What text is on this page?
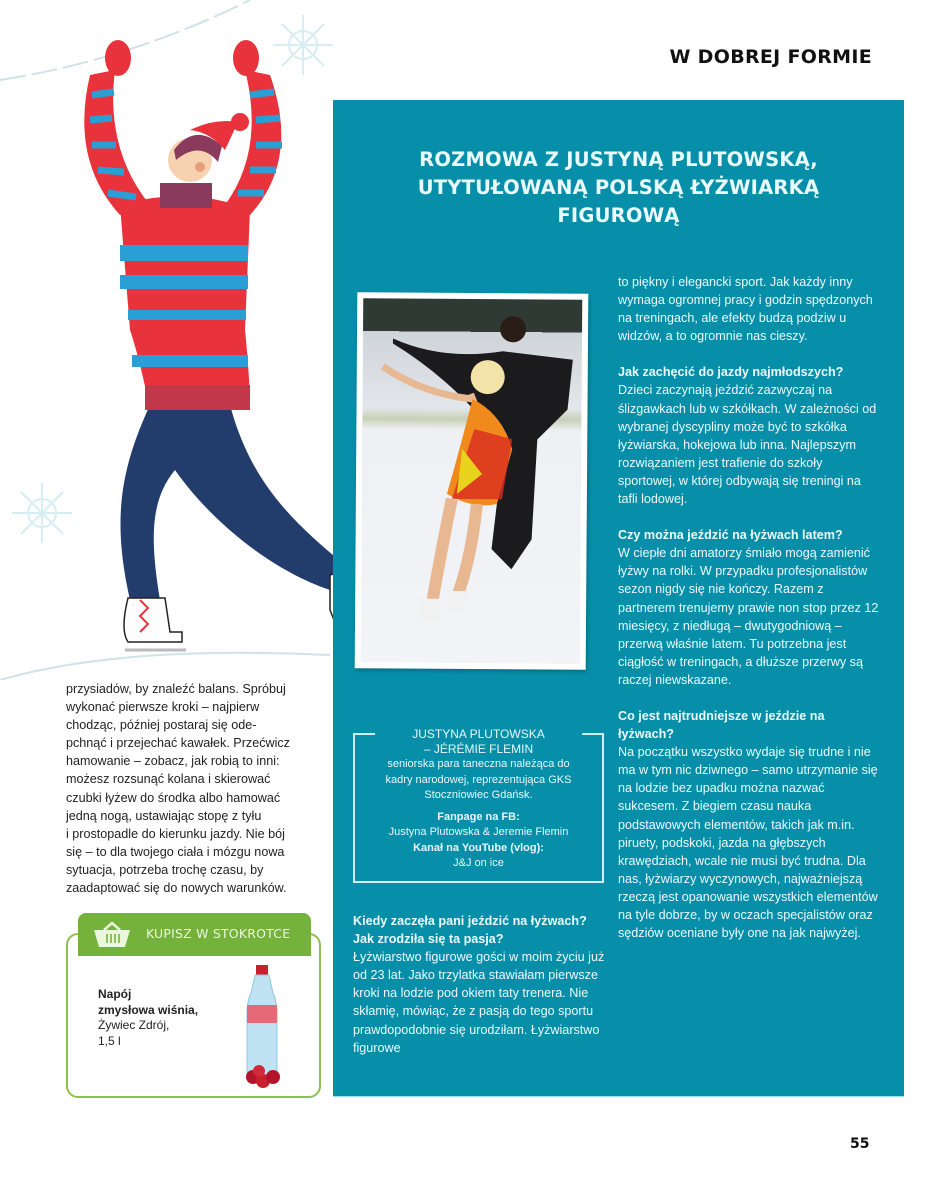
W DOBREJ FORMIE
55
przysiadów, by znaleźć balans. Spróbuj
wykonać pierwsze kroki – najpierw
chodząc, później postaraj się ode-
pchnąć i przejechać kawałek. Przećwicz
hamowanie – zobacz, jak robią to inni:
możesz rozsunąć kolana i skierować
czubki łyżew do środka albo hamować
jedną nogą, ustawiając stopę z tyłu
i prostopadle do kierunku jazdy. Nie bój
się – to dla twojego ciała i mózgu nowa
sytuacja, potrzeba trochę czasu, by
zaadaptować się do nowych warunków.
KUPISZ W STOKROTCE
Napój
zmysłowa wiśnia,
Żywiec Zdrój,
1,5 l
ROZMOWA Z JUSTYNĄ PLUTOWSKĄ,
UTYTUŁOWANĄ POLSKĄ ŁYŻWIARKĄ
FIGUROWĄ
JUSTYNA PLUTOWSKA
– JÉRÉMIE FLEMIN
seniorska para taneczna należąca do
kadry narodowej, reprezentująca GKS
Stoczniowiec Gdańsk.
Fanpage na FB:
Justyna Plutowska & Jeremie Flemin
Kanał na YouTube (vlog):
J&J on ice

Kiedy zaczęła pani jeździć na łyżwach? Jak zrodziła się ta pasja?

Łyżwiarstwo figurowe gości w moim życiu już od 23 lat. Jako trzylatka stawiałam pierwsze kroki na lodzie pod okiem taty trenera. Nie skłamię, mówiąc, że z pasją do tego sportu prawdopodobnie się urodziłam. Łyżwiarstwo figurowe

to piękny i elegancki sport. Jak każdy inny wymaga ogromnej pracy i godzin spędzonych na treningach, ale efekty budzą podziw u widzów, a to ogromnie nas cieszy.

Jak zachęcić do jazdy najmłodszych?

Dzieci zaczynają jeździć zazwyczaj na ślizgawkach lub w szkółkach. W zależności od wybranej dyscypliny może być to szkółka łyżwiarska, hokejowa lub inna. Najlepszym rozwiązaniem jest trafienie do szkoły sportowej, w której odbywają się treningi na tafli lodowej.

Czy można jeździć na łyżwach latem?

W ciepłe dni amatorzy śmiało mogą zamienić łyżwy na rolki. W przypadku profesjonalistów sezon nigdy się nie kończy. Razem z partnerem trenujemy prawie non stop przez 12 miesięcy, z niedługą – dwutygodniową – przerwą właśnie latem. Tu potrzebna jest ciągłość w treningach, a dłuższe przerwy są raczej niewskazane.

Co jest najtrudniejsze w jeździe na łyżwach?

Na początku wszystko wydaje się trudne i nie ma w tym nic dziwnego – samo utrzymanie się na lodzie bez upadku można nazwać sukcesem. Z biegiem czasu nauka podstawowych elementów, takich jak m.in. piruety, podskoki, jazda na głębszych krawędziach, wcale nie musi być trudna. Dla nas, łyżwiarzy wyczynowych, najważniejszą rzeczą jest opanowanie wszystkich elementów na tyle dobrze, by w oczach specjalistów oraz sędziów oceniane były one na jak najwyżej.
